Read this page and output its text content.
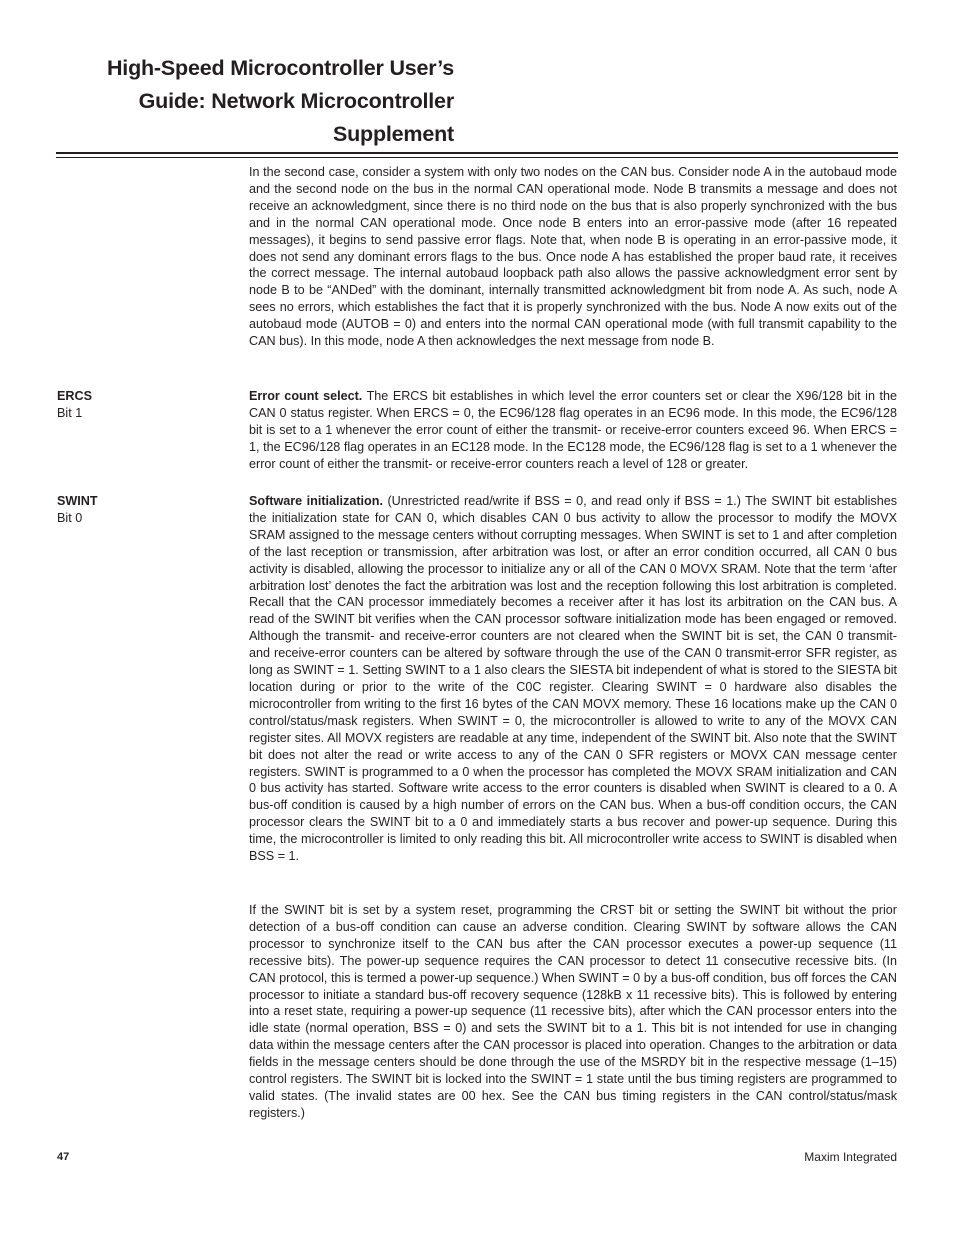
High-Speed Microcontroller User’s
Guide: Network Microcontroller
Supplement

In the second case, consider a system with only two nodes on the CAN bus. Consider node A in the autobaud mode and the second node on the bus in the normal CAN operational mode. Node B transmits a message and does not receive an acknowledgment, since there is no third node on the bus that is also properly synchronized with the bus and in the normal CAN operational mode. Once node B enters into an error-passive mode (after 16 repeated messages), it begins to send passive error flags. Note that, when node B is operating in an error-passive mode, it does not send any dominant errors flags to the bus. Once node A has established the proper baud rate, it receives the correct message. The internal autobaud loopback path also allows the passive acknowledgment error sent by node B to be “ANDed” with the dominant, internally transmitted acknowledgment bit from node A. As such, node A sees no errors, which establishes the fact that it is properly synchronized with the bus. Node A now exits out of the autobaud mode (AUTOB = 0) and enters into the normal CAN operational mode (with full transmit capability to the CAN bus). In this mode, node A then acknowledges the next message from node B.

ERCS
Bit 1

Error count select. The ERCS bit establishes in which level the error counters set or clear the X96/128 bit in the CAN 0 status register. When ERCS = 0, the EC96/128 flag operates in an EC96 mode. In this mode, the EC96/128 bit is set to a 1 whenever the error count of either the transmit- or receive-error counters exceed 96. When ERCS = 1, the EC96/128 flag operates in an EC128 mode. In the EC128 mode, the EC96/128 flag is set to a 1 whenever the error count of either the transmit- or receive-error counters reach a level of 128 or greater.

SWINT
Bit 0

Software initialization. (Unrestricted read/write if BSS = 0, and read only if BSS = 1.) The SWINT bit establishes the initialization state for CAN 0, which disables CAN 0 bus activity to allow the processor to modify the MOVX SRAM assigned to the message centers without corrupting messages. When SWINT is set to 1 and after completion of the last reception or transmission, after arbitration was lost, or after an error condition occurred, all CAN 0 bus activity is disabled, allowing the processor to initialize any or all of the CAN 0 MOVX SRAM. Note that the term ‘after arbitration lost’ denotes the fact the arbitration was lost and the reception following this lost arbitration is completed. Recall that the CAN processor immediately becomes a receiver after it has lost its arbitration on the CAN bus. A read of the SWINT bit verifies when the CAN processor software initialization mode has been engaged or removed. Although the transmit- and receive-error counters are not cleared when the SWINT bit is set, the CAN 0 transmit- and receive-error counters can be altered by software through the use of the CAN 0 transmit-error SFR register, as long as SWINT = 1. Setting SWINT to a 1 also clears the SIESTA bit independent of what is stored to the SIESTA bit location during or prior to the write of the C0C register. Clearing SWINT = 0 hardware also disables the microcontroller from writing to the first 16 bytes of the CAN MOVX memory. These 16 locations make up the CAN 0 control/status/mask registers. When SWINT = 0, the microcontroller is allowed to write to any of the MOVX CAN register sites. All MOVX registers are readable at any time, independent of the SWINT bit. Also note that the SWINT bit does not alter the read or write access to any of the CAN 0 SFR registers or MOVX CAN message center registers. SWINT is programmed to a 0 when the processor has completed the MOVX SRAM initialization and CAN 0 bus activity has started. Software write access to the error counters is disabled when SWINT is cleared to a 0. A bus-off condition is caused by a high number of errors on the CAN bus. When a bus-off condition occurs, the CAN processor clears the SWINT bit to a 0 and immediately starts a bus recover and power-up sequence. During this time, the microcontroller is limited to only reading this bit. All microcontroller write access to SWINT is disabled when BSS = 1.

If the SWINT bit is set by a system reset, programming the CRST bit or setting the SWINT bit without the prior detection of a bus-off condition can cause an adverse condition. Clearing SWINT by software allows the CAN processor to synchronize itself to the CAN bus after the CAN processor executes a power-up sequence (11 recessive bits). The power-up sequence requires the CAN processor to detect 11 consecutive recessive bits. (In CAN protocol, this is termed a power-up sequence.) When SWINT = 0 by a bus-off condition, bus off forces the CAN processor to initiate a standard bus-off recovery sequence (128kB x 11 recessive bits). This is followed by entering into a reset state, requiring a power-up sequence (11 recessive bits), after which the CAN processor enters into the idle state (normal operation, BSS = 0) and sets the SWINT bit to a 1. This bit is not intended for use in changing data within the message centers after the CAN processor is placed into operation. Changes to the arbitration or data fields in the message centers should be done through the use of the MSRDY bit in the respective message (1–15) control registers. The SWINT bit is locked into the SWINT = 1 state until the bus timing registers are programmed to valid states. (The invalid states are 00 hex. See the CAN bus timing registers in the CAN control/status/mask registers.)

47	Maxim Integrated
